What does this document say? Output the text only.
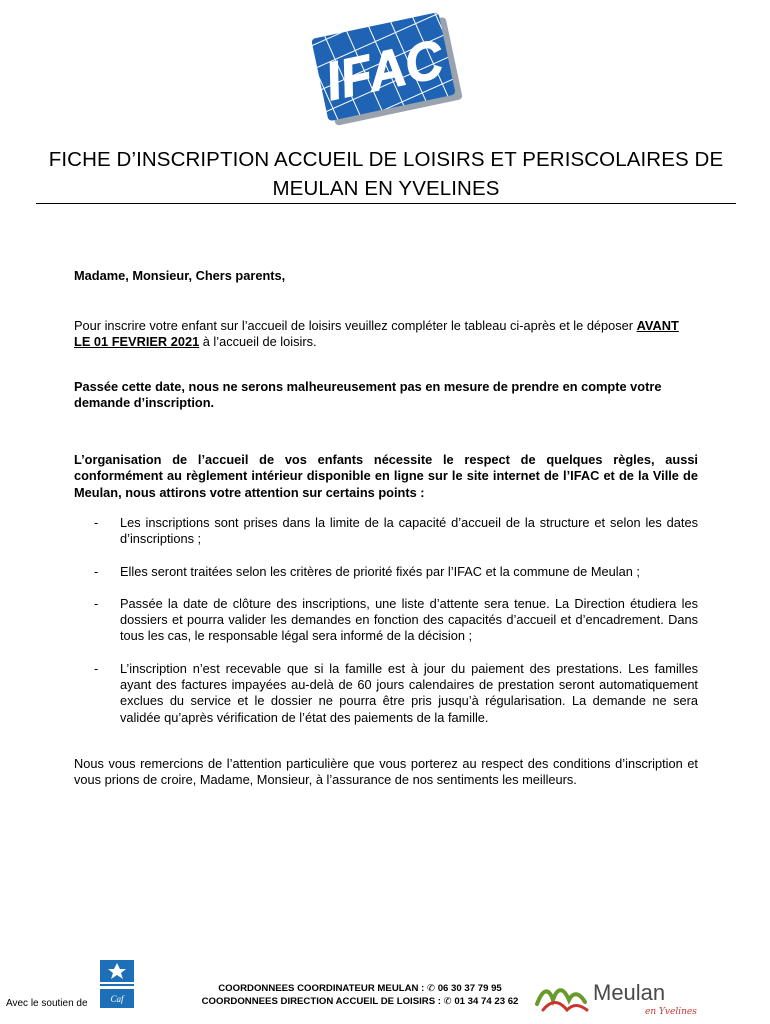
IFAC
FICHE D’INSCRIPTION ACCUEIL DE LOISIRS ET PERISCOLAIRES DE MEULAN EN YVELINES
Madame, Monsieur, Chers parents,
Pour inscrire votre enfant sur l’accueil de loisirs veuillez compléter le tableau ci-après et le déposer AVANT LE 01 FEVRIER 2021 à l’accueil de loisirs.
Passée cette date, nous ne serons malheureusement pas en mesure de prendre en compte votre demande d’inscription.
L’organisation de l’accueil de vos enfants nécessite le respect de quelques règles, aussi conformément au règlement intérieur disponible en ligne sur le site internet de l’IFAC et de la Ville de Meulan, nous attirons votre attention sur certains points :
- Les inscriptions sont prises dans la limite de la capacité d’accueil de la structure et selon les dates d’inscriptions ;
- Elles seront traitées selon les critères de priorité fixés par l’IFAC et la commune de Meulan ;
- Passée la date de clôture des inscriptions, une liste d’attente sera tenue. La Direction étudiera les dossiers et pourra valider les demandes en fonction des capacités d’accueil et d’encadrement. Dans tous les cas, le responsable légal sera informé de la décision ;
- L’inscription n’est recevable que si la famille est à jour du paiement des prestations. Les familles ayant des factures impayées au-delà de 60 jours calendaires de prestation seront automatiquement exclues du service et le dossier ne pourra être pris jusqu’à régularisation. La demande ne sera validée qu’après vérification de l’état des paiements de la famille.
Nous vous remercions de l’attention particulière que vous porterez au respect des conditions d’inscription et vous prions de croire, Madame, Monsieur, à l’assurance de nos sentiments les meilleurs.
Avec le soutien de	Caf
COORDONNEES COORDINATEUR MEULAN : ✆ 06 30 37 79 95
COORDONNEES DIRECTION ACCUEIL DE LOISIRS : ✆ 01 34 74 23 62	Meulan
en Yvelines
